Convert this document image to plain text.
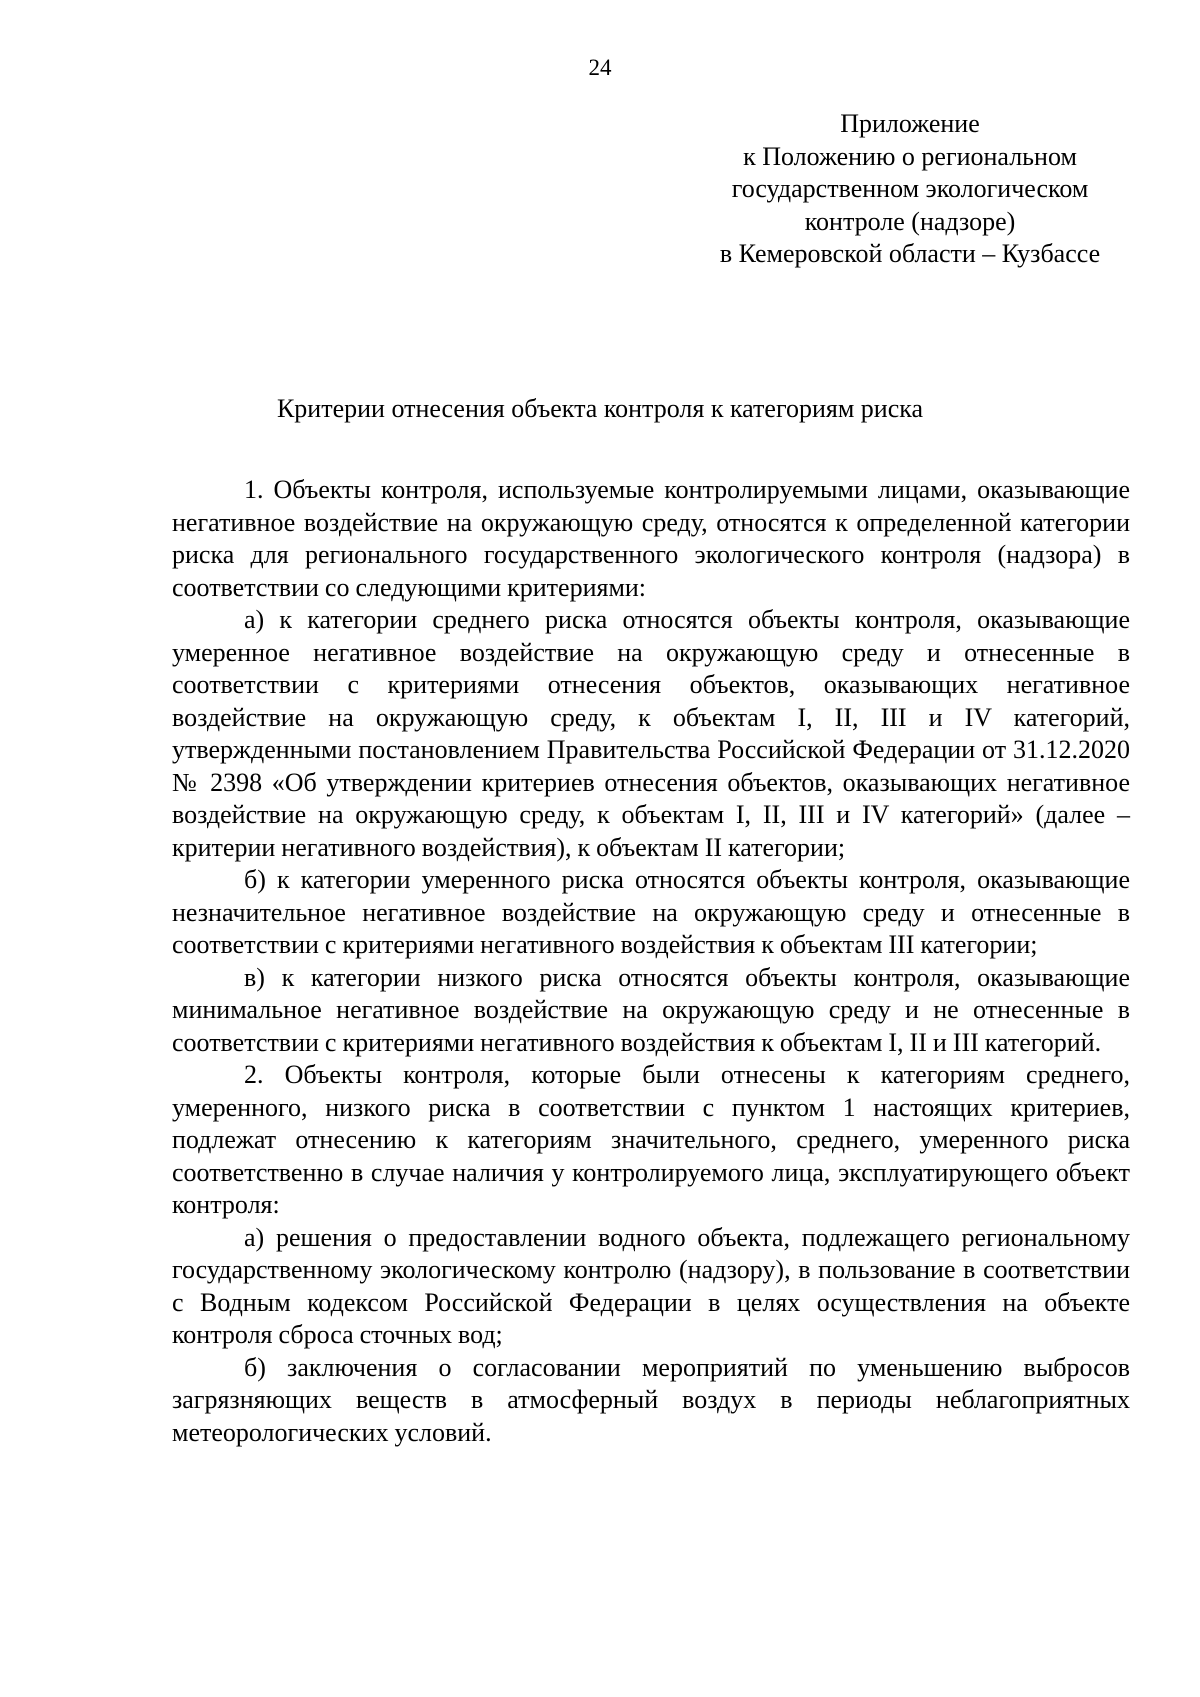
24
Приложение
к Положению о региональном
государственном экологическом
контроле (надзоре)
в Кемеровской области – Кузбассе
Критерии отнесения объекта контроля к категориям риска

1. Объекты контроля, используемые контролируемыми лицами, оказывающие негативное воздействие на окружающую среду, относятся к определенной категории риска для регионального государственного экологического контроля (надзора) в соответствии со следующими критериями:

а) к категории среднего риска относятся объекты контроля, оказывающие умеренное негативное воздействие на окружающую среду и отнесенные в соответствии с критериями отнесения объектов, оказывающих негативное воздействие на окружающую среду, к объектам I, II, III и IV категорий, утвержденными постановлением Правительства Российской Федерации от 31.12.2020 № 2398 «Об утверждении критериев отнесения объектов, оказывающих негативное воздействие на окружающую среду, к объектам I, II, III и IV категорий» (далее – критерии негативного воздействия), к объектам II категории;

б) к категории умеренного риска относятся объекты контроля, оказывающие незначительное негативное воздействие на окружающую среду и отнесенные в соответствии с критериями негативного воздействия к объектам III категории;

в) к категории низкого риска относятся объекты контроля, оказывающие минимальное негативное воздействие на окружающую среду и не отнесенные в соответствии с критериями негативного воздействия к объектам I, II и III категорий.

2. Объекты контроля, которые были отнесены к категориям среднего, умеренного, низкого риска в соответствии с пунктом 1 настоящих критериев, подлежат отнесению к категориям значительного, среднего, умеренного риска соответственно в случае наличия у контролируемого лица, эксплуатирующего объект контроля:

а) решения о предоставлении водного объекта, подлежащего региональному государственному экологическому контролю (надзору), в пользование в соответствии с Водным кодексом Российской Федерации в целях осуществления на объекте контроля сброса сточных вод;

б) заключения о согласовании мероприятий по уменьшению выбросов загрязняющих веществ в атмосферный воздух в периоды неблагоприятных метеорологических условий.
